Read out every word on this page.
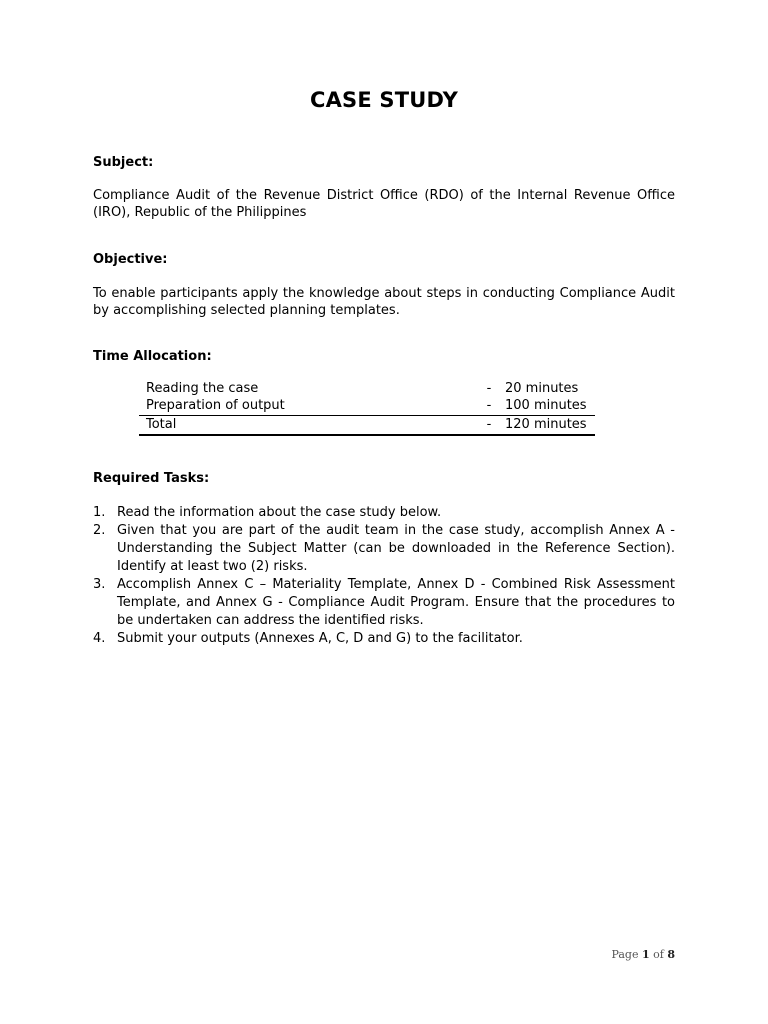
CASE STUDY
Subject:
Compliance Audit of the Revenue District Office (RDO) of the Internal Revenue Office (IRO), Republic of the Philippines
Objective:
To enable participants apply the knowledge about steps in conducting Compliance Audit by accomplishing selected planning templates.
Time Allocation:
Reading the case	-	20 minutes
Preparation of output	-	100 minutes
Total	-	120 minutes
Required Tasks:
1. Read the information about the case study below.
2. Given that you are part of the audit team in the case study, accomplish Annex A - Understanding the Subject Matter (can be downloaded in the Reference Section). Identify at least two (2) risks.
3. Accomplish Annex C – Materiality Template, Annex D - Combined Risk Assessment Template, and Annex G - Compliance Audit Program. Ensure that the procedures to be undertaken can address the identified risks.
4. Submit your outputs (Annexes A, C, D and G) to the facilitator.
Page 1 of 8
